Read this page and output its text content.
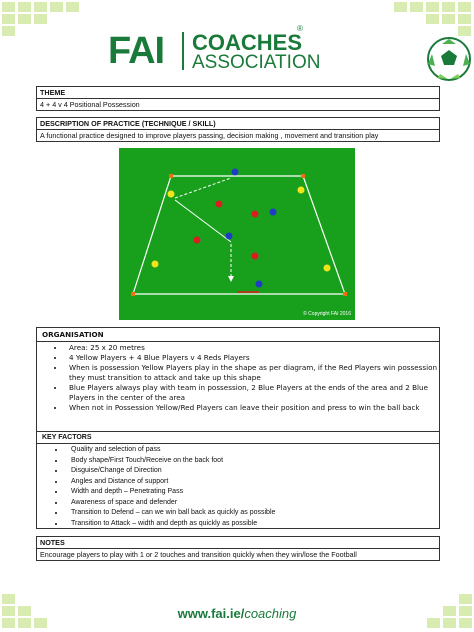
FAI COACHES
®
ASSOCIATION
THEME
4 + 4 v 4 Positional Possession
DESCRIPTION OF PRACTICE (TECHNIQUE / SKILL)
A functional practice designed to improve players passing, decision making , movement and transition play
© Copyright FAI 2016
ORGANISATION
• Area: 25 x 20 metres
• 4 Yellow Players + 4 Blue Players v 4 Reds Players
• When is possession Yellow Players play in the shape as per diagram, if the Red Players win possession they must transition to attack and take up this shape
• Blue Players always play with team in possession, 2 Blue Players at the ends of the area and 2 Blue Players in the center of the area
• When not in Possession Yellow/Red Players can leave their position and press to win the ball back
KEY FACTORS
• Quality and selection of pass
• Body shape/First Touch/Receive on the back foot
• Disguise/Change of Direction
• Angles and Distance of support
• Width and depth – Penetrating Pass
• Awareness of space and defender
• Transition to Defend – can we win ball back as quickly as possible
• Transition to Attack – width and depth as quickly as possible
NOTES
Encourage players to play with 1 or 2 touches and transition quickly when they win/lose the Football
www.fai.ie/coaching
